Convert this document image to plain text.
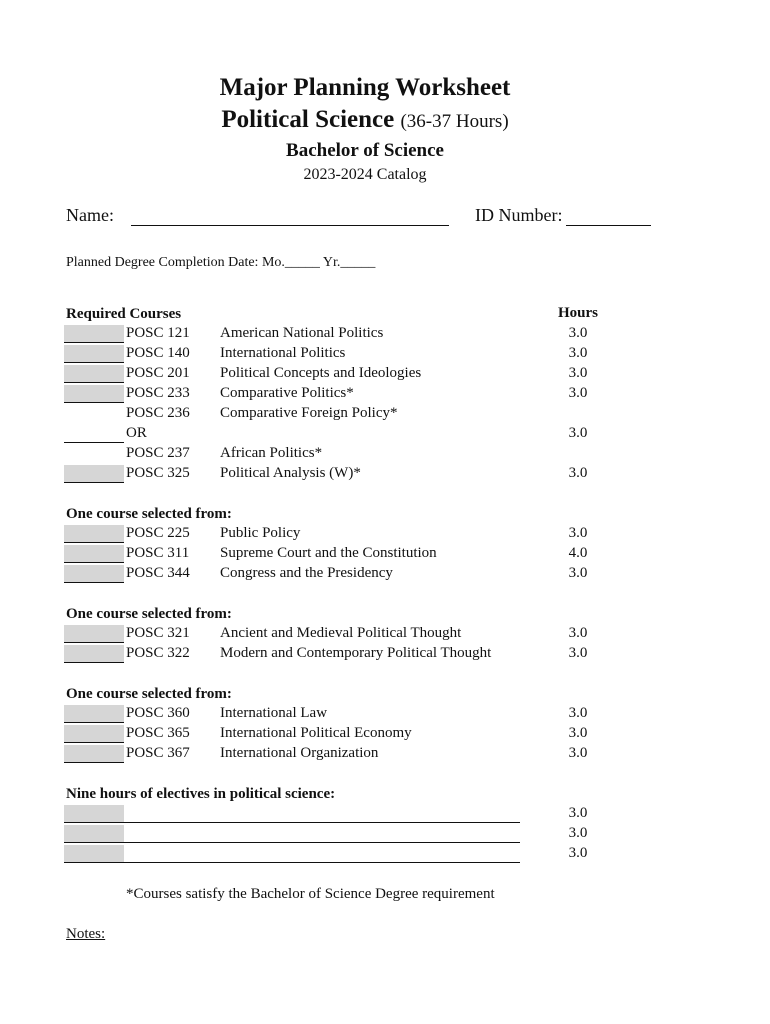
Major Planning Worksheet
Political Science (36-37 Hours)
Bachelor of Science
2023-2024 Catalog
Name:	ID Number:
Planned Degree Completion Date: Mo._____ Yr._____
Required Courses	Hours
POSC 121 American National Politics	3.0
POSC 140 International Politics	3.0
POSC 201 Political Concepts and Ideologies	3.0
POSC 233 Comparative Politics*	3.0
POSC 236 Comparative Foreign Policy*
OR	3.0
POSC 237 African Politics*
POSC 325 Political Analysis (W)*	3.0
One course selected from:
POSC 225 Public Policy	3.0
POSC 311 Supreme Court and the Constitution	4.0
POSC 344 Congress and the Presidency	3.0
One course selected from:
POSC 321 Ancient and Medieval Political Thought	3.0
POSC 322 Modern and Contemporary Political Thought	3.0
One course selected from:
POSC 360 International Law	3.0
POSC 365 International Political Economy	3.0
POSC 367 International Organization	3.0
Nine hours of electives in political science:
3.0
3.0
3.0
*Courses satisfy the Bachelor of Science Degree requirement
Notes:
